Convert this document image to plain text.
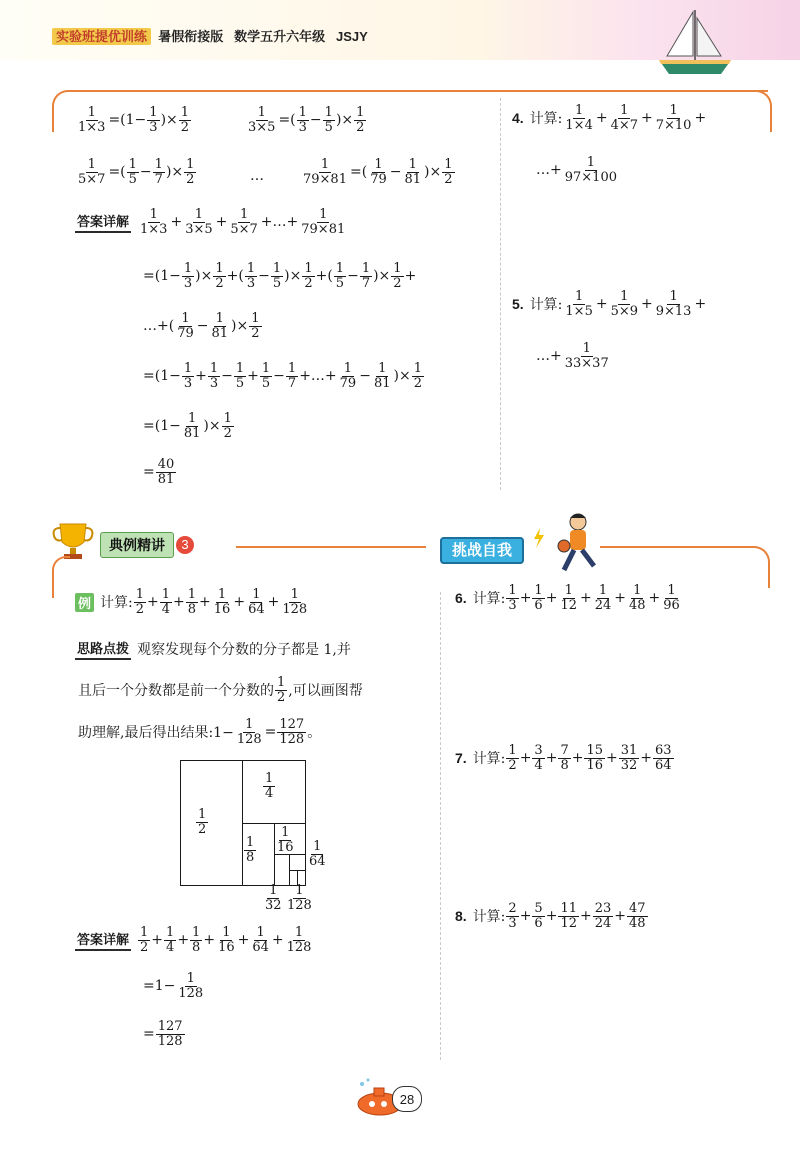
实验班提优训练 暑假衔接版 数学五升六年级 JSJY
$\frac{1}{1\times 3} =(1- \frac{1}{3}$ )× $\frac{1}{2}$	$\frac{1}{3\times 5}$ =( $\frac{1}{3} - \frac{1}{5}$ )× $\frac{1}{2}$
$\frac{1}{5\times 7}$ =( $\frac{1}{5} - \frac{1}{7}$ )× $\frac{1}{2}$	…	$\frac{1}{79\times 81}$ =( $\frac{1}{79} - \frac{1}{81}$ )× $\frac{1}{2}$
答案详解 $\frac{1}{1\times 3} + \frac{1}{3\times 5} + \frac{1}{5\times 7}$ +…+ $\frac{1}{79\times 81}$
$=(1- \frac{1}{3}$ )× $\frac{1}{2}$ +( $\frac{1}{3} - \frac{1}{5}$ )× $\frac{1}{2}$ +( $\frac{1}{5} - \frac{1}{7}$ )× $\frac{1}{2}$ +
…+( $\frac{1}{79} - \frac{1}{81}$ )× $\frac{1}{2}$
$=(1- \frac{1}{3} + \frac{1}{3} - \frac{1}{5} + \frac{1}{5} - \frac{1}{7}$ +…+ $\frac{1}{79} - \frac{1}{81}$ )× $\frac{1}{2}$
$=(1- \frac{1}{81}$ )× $\frac{1}{2}$
= $\frac{40}{81}$
4. 计算: $\frac{1}{1\times 4} + \frac{1}{4\times 7} + \frac{1}{7\times 10}$ +
…+ $\frac{1}{97\times 100}$
5. 计算: $\frac{1}{1\times 5} + \frac{1}{5\times 9} + \frac{1}{9\times 13}$ +
…+ $\frac{1}{33\times 37}$
典例精讲	3	挑战自我
例 计算: $\frac{1}{2} + \frac{1}{4} + \frac{1}{8} + \frac{1}{16} + \frac{1}{64} + \frac{1}{128}$
思路点拨 观察发现每个分数的分子都是 1,并
且后一个分数都是前一个分数的 $\frac{1}{2}$ ,可以画图帮
助理解,最后得出结果:1− $\frac{1}{128} = \frac{127}{128}$ 。
$\frac{1}{2}$
$\frac{1}{4}$
$\frac{1}{8} \frac{1}{16} \frac{1}{64}$
$\frac{1}{32} \frac{1}{128}$
答案详解 $\frac{1}{2} + \frac{1}{4} + \frac{1}{8} + \frac{1}{16} + \frac{1}{64} + \frac{1}{128}$
$=1- \frac{1}{128}$
= $\frac{127}{128}$
6. 计算: $\frac{1}{3} + \frac{1}{6} + \frac{1}{12} + \frac{1}{24} + \frac{1}{48} + \frac{1}{96}$
7. 计算: $\frac{1}{2} + \frac{3}{4} + \frac{7}{8} + \frac{15}{16} + \frac{31}{32} + \frac{63}{64}$
8. 计算: $\frac{2}{3} + \frac{5}{6} + \frac{11}{12} + \frac{23}{24} + \frac{47}{48}$
28
